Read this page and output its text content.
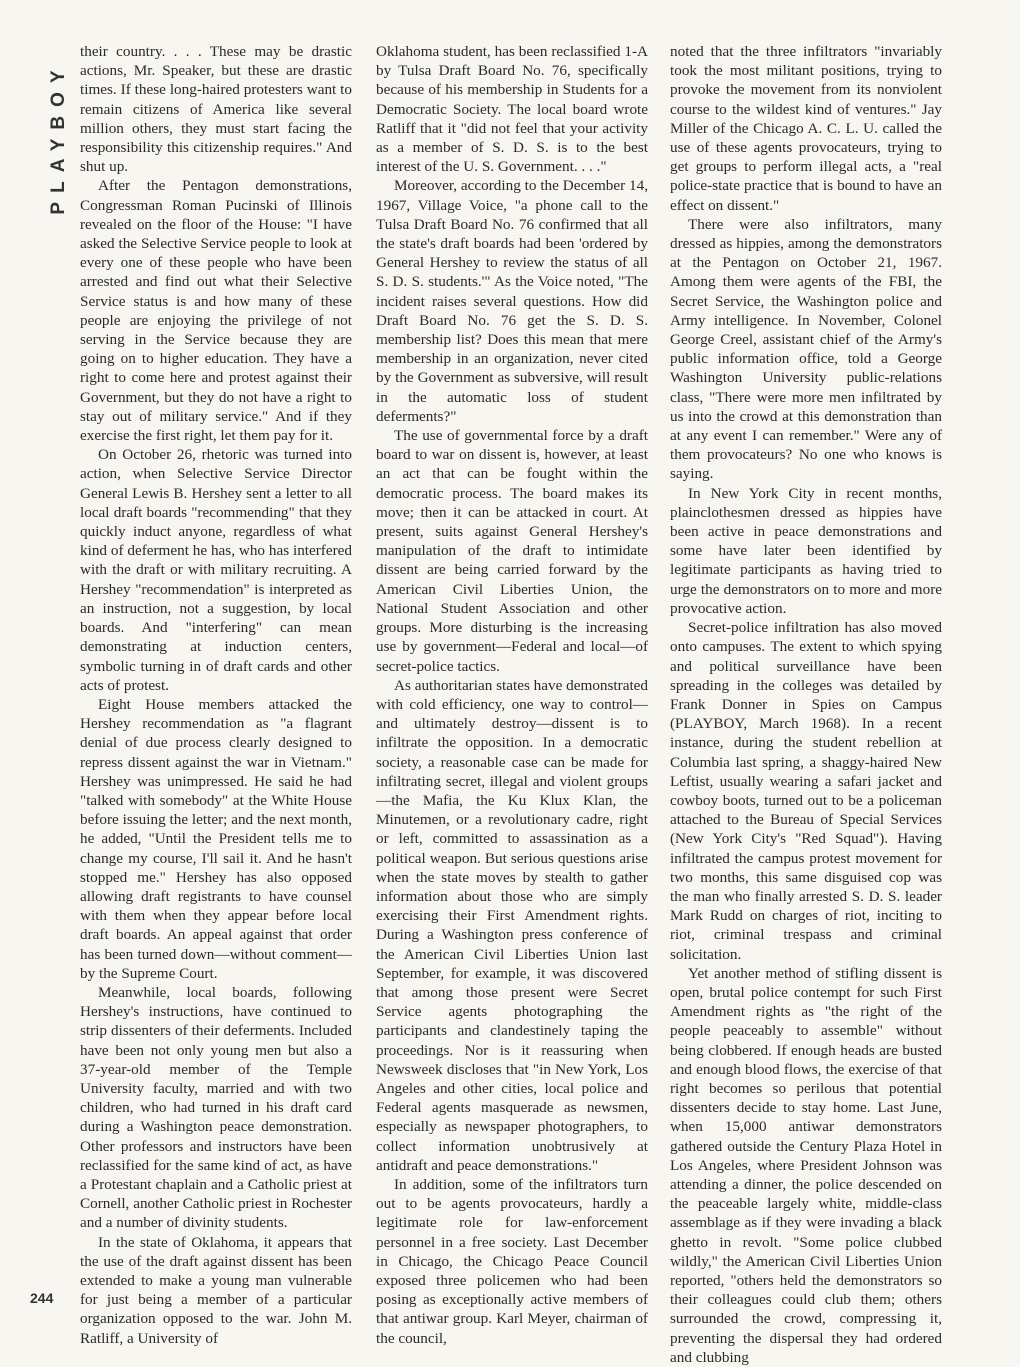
PLAYBOY

their country. . . . These may be drastic actions, Mr. Speaker, but these are drastic times. If these long-haired protesters want to remain citizens of America like several million others, they must start facing the responsibility this citizenship requires." And shut up.

After the Pentagon demonstrations, Congressman Roman Pucinski of Illinois revealed on the floor of the House: "I have asked the Selective Service people to look at every one of these people who have been arrested and find out what their Selective Service status is and how many of these people are enjoying the privilege of not serving in the Service because they are going on to higher education. They have a right to come here and protest against their Government, but they do not have a right to stay out of military service." And if they exercise the first right, let them pay for it.

On October 26, rhetoric was turned into action, when Selective Service Director General Lewis B. Hershey sent a letter to all local draft boards "recommending" that they quickly induct anyone, regardless of what kind of deferment he has, who has interfered with the draft or with military recruiting. A Hershey "recommendation" is interpreted as an instruction, not a suggestion, by local boards. And "interfering" can mean demonstrating at induction centers, symbolic turning in of draft cards and other acts of protest.

Eight House members attacked the Hershey recommendation as "a flagrant denial of due process clearly designed to repress dissent against the war in Vietnam." Hershey was unimpressed. He said he had "talked with somebody" at the White House before issuing the letter; and the next month, he added, "Until the President tells me to change my course, I'll sail it. And he hasn't stopped me." Hershey has also opposed allowing draft registrants to have counsel with them when they appear before local draft boards. An appeal against that order has been turned down—without comment—by the Supreme Court.

Meanwhile, local boards, following Hershey's instructions, have continued to strip dissenters of their deferments. Included have been not only young men but also a 37-year-old member of the Temple University faculty, married and with two children, who had turned in his draft card during a Washington peace demonstration. Other professors and instructors have been reclassified for the same kind of act, as have a Protestant chaplain and a Catholic priest at Cornell, another Catholic priest in Rochester and a number of divinity students.

In the state of Oklahoma, it appears that the use of the draft against dissent has been extended to make a young man vulnerable for just being a member of a particular organization opposed to the war. John M. Ratliff, a University of

Oklahoma student, has been reclassified 1-A by Tulsa Draft Board No. 76, specifically because of his membership in Students for a Democratic Society. The local board wrote Ratliff that it "did not feel that your activity as a member of S. D. S. is to the best interest of the U. S. Government. . . ."

Moreover, according to the December 14, 1967, Village Voice, "a phone call to the Tulsa Draft Board No. 76 confirmed that all the state's draft boards had been 'ordered by General Hershey to review the status of all S. D. S. students.'" As the Voice noted, "The incident raises several questions. How did Draft Board No. 76 get the S. D. S. membership list? Does this mean that mere membership in an organization, never cited by the Government as subversive, will result in the automatic loss of student deferments?"

The use of governmental force by a draft board to war on dissent is, however, at least an act that can be fought within the democratic process. The board makes its move; then it can be attacked in court. At present, suits against General Hershey's manipulation of the draft to intimidate dissent are being carried forward by the American Civil Liberties Union, the National Student Association and other groups. More disturbing is the increasing use by government—Federal and local—of secret-police tactics.

As authoritarian states have demonstrated with cold efficiency, one way to control—and ultimately destroy—dissent is to infiltrate the opposition. In a democratic society, a reasonable case can be made for infiltrating secret, illegal and violent groups—the Mafia, the Ku Klux Klan, the Minutemen, or a revolutionary cadre, right or left, committed to assassination as a political weapon. But serious questions arise when the state moves by stealth to gather information about those who are simply exercising their First Amendment rights. During a Washington press conference of the American Civil Liberties Union last September, for example, it was discovered that among those present were Secret Service agents photographing the participants and clandestinely taping the proceedings. Nor is it reassuring when Newsweek discloses that "in New York, Los Angeles and other cities, local police and Federal agents masquerade as newsmen, especially as newspaper photographers, to collect information unobtrusively at antidraft and peace demonstrations."

In addition, some of the infiltrators turn out to be agents provocateurs, hardly a legitimate role for law-enforcement personnel in a free society. Last December in Chicago, the Chicago Peace Council exposed three policemen who had been posing as exceptionally active members of that antiwar group. Karl Meyer, chairman of the council,

noted that the three infiltrators "invariably took the most militant positions, trying to provoke the movement from its nonviolent course to the wildest kind of ventures." Jay Miller of the Chicago A. C. L. U. called the use of these agents provocateurs, trying to get groups to perform illegal acts, a "real police-state practice that is bound to have an effect on dissent."

There were also infiltrators, many dressed as hippies, among the demonstrators at the Pentagon on October 21, 1967. Among them were agents of the FBI, the Secret Service, the Washington police and Army intelligence. In November, Colonel George Creel, assistant chief of the Army's public information office, told a George Washington University public-relations class, "There were more men infiltrated by us into the crowd at this demonstration than at any event I can remember." Were any of them provocateurs? No one who knows is saying.

In New York City in recent months, plainclothesmen dressed as hippies have been active in peace demonstrations and some have later been identified by legitimate participants as having tried to urge the demonstrators on to more and more provocative action.

Secret-police infiltration has also moved onto campuses. The extent to which spying and political surveillance have been spreading in the colleges was detailed by Frank Donner in Spies on Campus (PLAYBOY, March 1968). In a recent instance, during the student rebellion at Columbia last spring, a shaggy-haired New Leftist, usually wearing a safari jacket and cowboy boots, turned out to be a policeman attached to the Bureau of Special Services (New York City's "Red Squad"). Having infiltrated the campus protest movement for two months, this same disguised cop was the man who finally arrested S. D. S. leader Mark Rudd on charges of riot, inciting to riot, criminal trespass and criminal solicitation.

Yet another method of stifling dissent is open, brutal police contempt for such First Amendment rights as "the right of the people peaceably to assemble" without being clobbered. If enough heads are busted and enough blood flows, the exercise of that right becomes so perilous that potential dissenters decide to stay home. Last June, when 15,000 antiwar demonstrators gathered outside the Century Plaza Hotel in Los Angeles, where President Johnson was attending a dinner, the police descended on the peaceable largely white, middle-class assemblage as if they were invading a black ghetto in revolt. "Some police clubbed wildly," the American Civil Liberties Union reported, "others held the demonstrators so their colleagues could club them; others surrounded the crowd, compressing it, preventing the dispersal they had ordered and clubbing

244
